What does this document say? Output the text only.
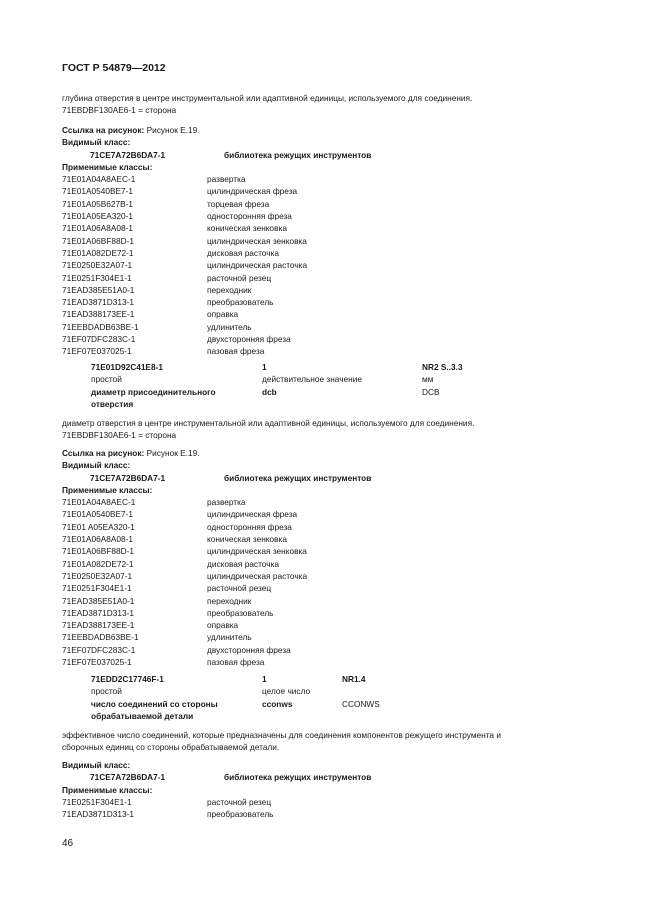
ГОСТ Р 54879—2012
глубина отверстия в центре инструментальной или адаптивной единицы, используемого для соединения.
71EBDBF130AE6-1 = сторона
Ссылка на рисунок: Рисунок Е.19.
Видимый класс:
71CE7A72B6DA7-1	библиотека режущих инструментов
Применимые классы:
71E01A04A8AEC-1	развертка
71E01A0540BE7-1	цилиндрическая фреза
71E01A05B627B-1	торцевая фреза
71E01A05EA320-1	односторонняя фреза
71E01A06A8A08-1	коническая зенковка
71E01A06BF88D-1	цилиндрическая зенковка
71E01A082DE72-1	дисковая расточка
71E0250E32A07-1	цилиндрическая расточка
71E0251F304E1-1	расточной резец
71EAD385E51A0-1	переходник
71EAD3871D313-1	преобразователь
71EAD388173EE-1	оправка
71EEBDADB63BE-1	удлинитель
71EF07DFC283C-1	двухсторонняя фреза
71EF07E037025-1	пазовая фреза
71E01D92C41E8-1	1	NR2 S..3.3
простой	действительное значение	мм
диаметр присоединительного	dcb	DCB
отверстия
диаметр отверстия в центре инструментальной или адаптивной единицы, используемого для соединения.
71EBDBF130AE6-1 = сторона
Ссылка на рисунок: Рисунок Е.19.
Видимый класс:
71CE7A72B6DA7-1	библиотека режущих инструментов
Применимые классы:
71E01A04A8AEC-1	развертка
71E01A0540BE7-1	цилиндрическая фреза
71E01 A05EA320-1	односторонняя фреза
71E01A06A8A08-1	коническая зенковка
71E01A06BF88D-1	цилиндрическая зенковка
71E01A082DE72-1	дисковая расточка
71E0250E32A07-1	цилиндрическая расточка
71E0251F304E1-1	расточной резец
71EAD385E51A0-1	переходник
71EAD3871D313-1	преобразователь
71EAD388173EE-1	оправка
71EEBDADB63BE-1	удлинитель
71EF07DFC283C-1	двухсторонняя фреза
71EF07E037025-1	пазовая фреза
71EDD2C17746F-1	1	NR1.4
простой	целое число
число соединений со стороны	cconws	CCONWS
обрабатываемой детали
эффективное число соединений, которые предназначены для соединения компонентов режущего инструмента и
сборочных единиц со стороны обрабатываемой детали.
Видимый класс:
71CE7A72B6DA7-1	библиотека режущих инструментов
Применимые классы:
71E0251F304E1-1	расточной резец
71EAD3871D313-1	преобразователь
46
